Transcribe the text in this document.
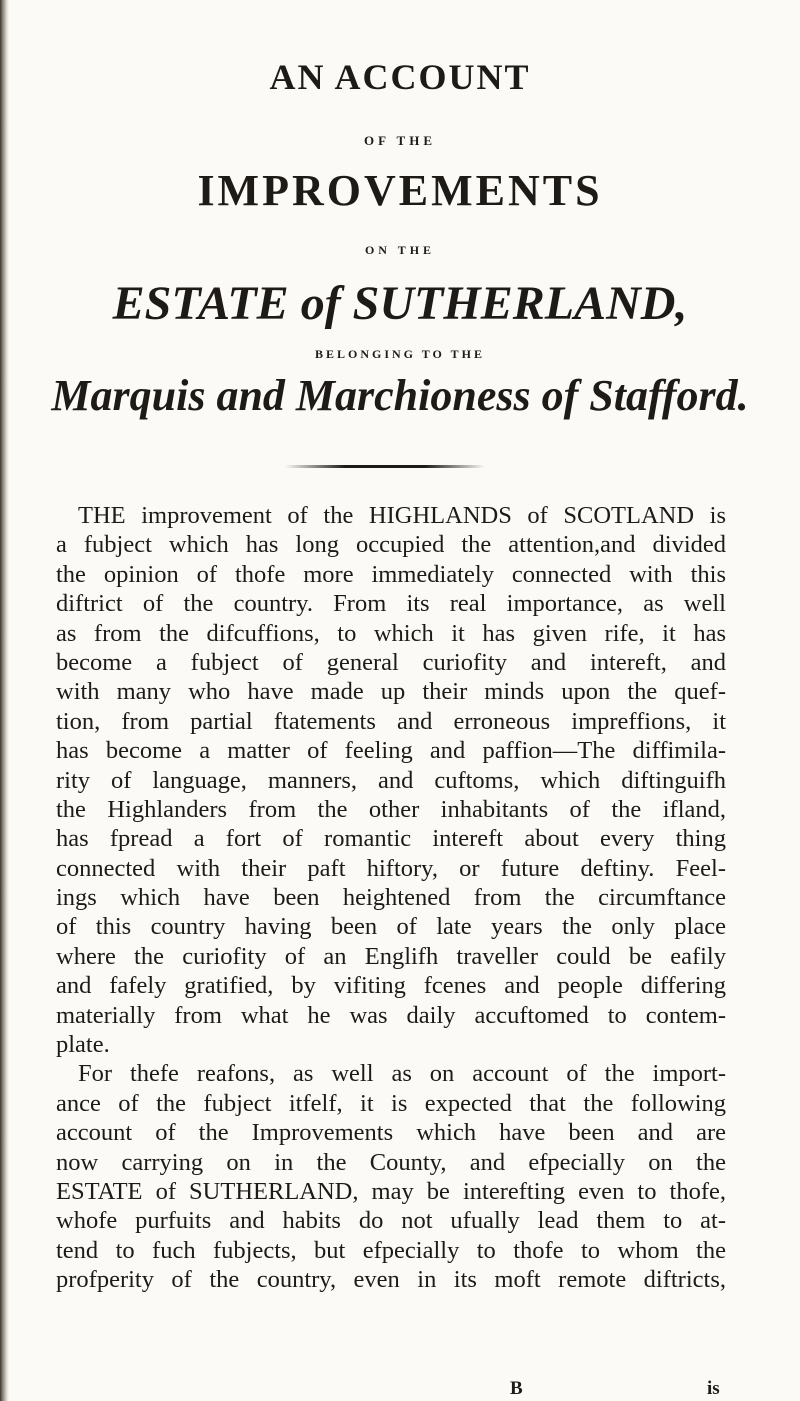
AN ACCOUNT
OF THE
IMPROVEMENTS
ON THE
ESTATE of SUTHERLAND,
BELONGING TO THE
Marquis and Marchioness of Stafford.
THE improvement of the HIGHLANDS of SCOTLAND is
a fubject which has long occupied the attention,and divided
the opinion of thofe more immediately connected with this
diftrict of the country. From its real importance, as well
as from the difcuffions, to which it has given rife, it has
become a fubject of general curiofity and intereft, and
with many who have made up their minds upon the quef-
tion, from partial ftatements and erroneous impreffions, it
has become a matter of feeling and paffion—The diffimila-
rity of language, manners, and cuftoms, which diftinguifh
the Highlanders from the other inhabitants of the ifland,
has fpread a fort of romantic intereft about every thing
connected with their paft hiftory, or future deftiny. Feel-
ings which have been heightened from the circumftance
of this country having been of late years the only place
where the curiofity of an Englifh traveller could be eafily
and fafely gratified, by vifiting fcenes and people differing
materially from what he was daily accuftomed to contem-
plate.
For thefe reafons, as well as on account of the import-
ance of the fubject itfelf, it is expected that the following
account of the Improvements which have been and are
now carrying on in the County, and efpecially on the
ESTATE of SUTHERLAND, may be interefting even to thofe,
whofe purfuits and habits do not ufually lead them to at-
tend to fuch fubjects, but efpecially to thofe to whom the
profperity of the country, even in its moft remote diftricts,
B	is
